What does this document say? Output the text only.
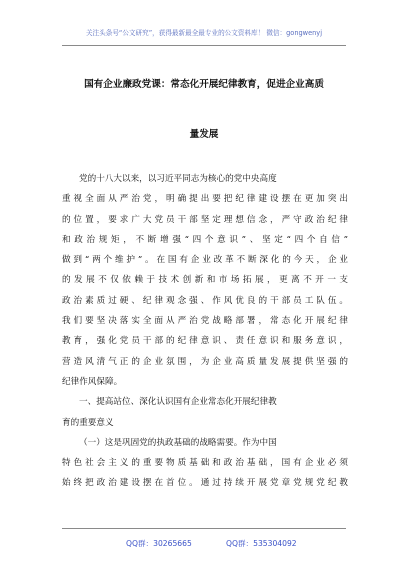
关注头条号“公文研究”，获得最新最全最专业的公文资料库！ 微信：gongwenyj
国有企业廉政党课：常态化开展纪律教育，促进企业高质
量发展
党的十八大以来，以习近平同志为核心的党中央高度
重视全面从严治党，明确提出要把纪律建设摆在更加突出
的位置，要求广大党员干部坚定理想信念，严守政治纪律
和政治规矩，不断增强“四个意识”、坚定“四个自信”
做到“两个维护”。在国有企业改革不断深化的今天，企业
的发展不仅依赖于技术创新和市场拓展，更离不开一支
政治素质过硬、纪律观念强、作风优良的干部员工队伍。
我们要坚决落实全面从严治党战略部署，常态化开展纪律
教育，强化党员干部的纪律意识、责任意识和服务意识，
营造风清气正的企业氛围，为企业高质量发展提供坚强的
纪律作风保障。
一、提高站位、深化认识国有企业常态化开展纪律教
育的重要意义
（一）这是巩固党的执政基础的战略需要。作为中国
特色社会主义的重要物质基础和政治基础，国有企业必须
始终把政治建设摆在首位。通过持续开展党章党规党纪教
QQ群：30265665	QQ群：535304092
